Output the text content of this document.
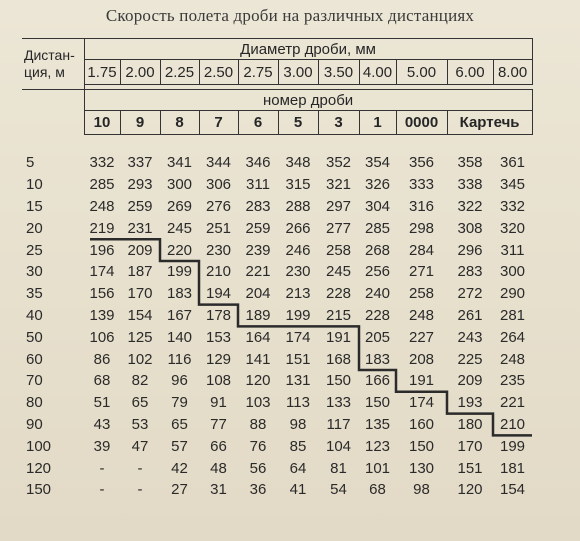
Скорость полета дроби на различных дистанциях
Дистан-ция, м	Диаметр дроби, мм										
	1.75	2.00	2.25	2.50	2.75	3.00	3.50	4.00	5.00	6.00	8.00

	номер дроби										
	10	9	8	7	6	5	3	1	0000	Картечь	
5	332	337	341	344	346	348	352	354	356	358	361
10	285	293	300	306	311	315	321	326	333	338	345
15	248	259	269	276	283	288	297	304	316	322	332
20	219	231	245	251	259	266	277	285	298	308	320
25	196	209	220	230	239	246	258	268	284	296	311
30	174	187	199	210	221	230	245	256	271	283	300
35	156	170	183	194	204	213	228	240	258	272	290
40	139	154	167	178	189	199	215	228	248	261	281
50	106	125	140	153	164	174	191	205	227	243	264
60	86	102	116	129	141	151	168	183	208	225	248
70	68	82	96	108	120	131	150	166	191	209	235
80	51	65	79	91	103	113	133	150	174	193	221
90	43	53	65	77	88	98	117	135	160	180	210
100	39	47	57	66	76	85	104	123	150	170	199
120	-	-	42	48	56	64	81	101	130	151	181
150	-	-	27	31	36	41	54	68	98	120	154
